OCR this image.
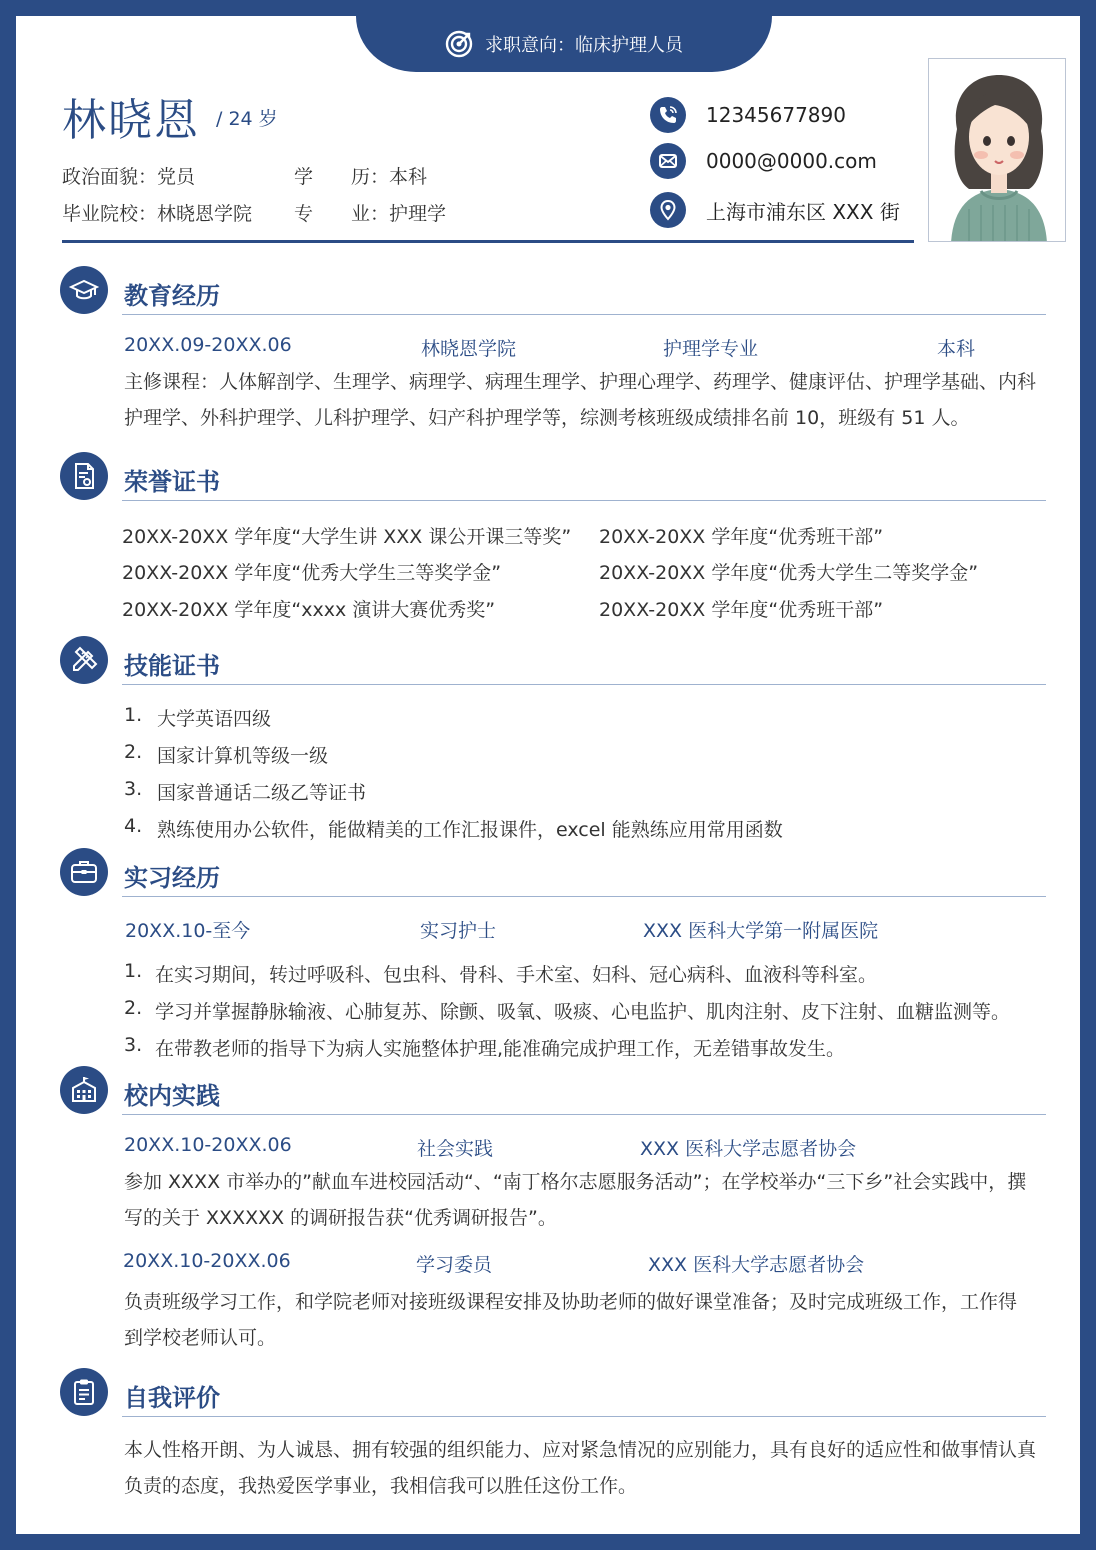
求职意向：临床护理人员
林晓恩 / 24 岁
政治面貌：党员	学　　历：本科
毕业院校：林晓恩学院	专　　业：护理学
12345677890
0000@0000.com
上海市浦东区 XXX 街
教育经历
20XX.09-20XX.06	林晓恩学院	护理学专业	本科
主修课程：人体解剖学、生理学、病理学、病理生理学、护理心理学、药理学、健康评估、护理学基础、内科护理学、外科护理学、儿科护理学、妇产科护理学等，综测考核班级成绩排名前 10，班级有 51 人。
荣誉证书
20XX-20XX 学年度“大学生讲 XXX 课公开课三等奖” 20XX-20XX 学年度“优秀班干部”
20XX-20XX 学年度“优秀大学生三等奖学金”	20XX-20XX 学年度“优秀大学生二等奖学金”
20XX-20XX 学年度“xxxx 演讲大赛优秀奖”	20XX-20XX 学年度“优秀班干部”
技能证书
1. 大学英语四级
2. 国家计算机等级一级
3. 国家普通话二级乙等证书
4. 熟练使用办公软件，能做精美的工作汇报课件，excel 能熟练应用常用函数
实习经历
20XX.10-至今	实习护士	XXX 医科大学第一附属医院
1. 在实习期间，转过呼吸科、包虫科、骨科、手术室、妇科、冠心病科、血液科等科室。
2. 学习并掌握静脉输液、心肺复苏、除颤、吸氧、吸痰、心电监护、肌肉注射、皮下注射、血糖监测等。
3. 在带教老师的指导下为病人实施整体护理,能准确完成护理工作，无差错事故发生。
校内实践
20XX.10-20XX.06	社会实践	XXX 医科大学志愿者协会
参加 XXXX 市举办的”献血车进校园活动“、“南丁格尔志愿服务活动”；在学校举办“三下乡”社会实践中，撰写的关于 XXXXXX 的调研报告获“优秀调研报告”。
20XX.10-20XX.06	学习委员	XXX 医科大学志愿者协会
负责班级学习工作，和学院老师对接班级课程安排及协助老师的做好课堂准备；及时完成班级工作，工作得到学校老师认可。
自我评价
本人性格开朗、为人诚恳、拥有较强的组织能力、应对紧急情况的应别能力，具有良好的适应性和做事情认真负责的态度，我热爱医学事业，我相信我可以胜任这份工作。
